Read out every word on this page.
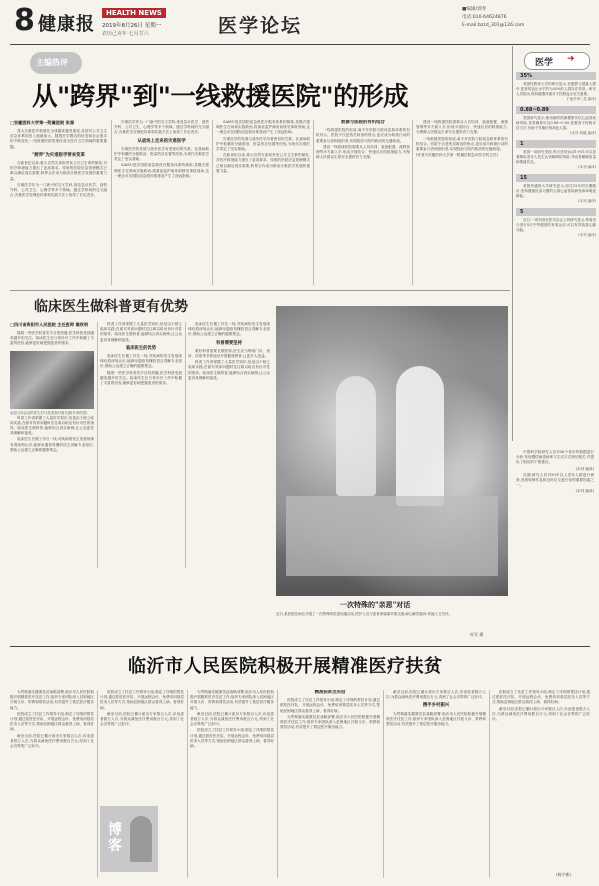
8 健康报
HEALTH NEWS
2019年8月26日 星期一
农历己亥年 七月廿六	医学论坛
■编辑/郭寿
电话:010-64624876
E-mail:bzzd_301@126.com
主编热评
从"跨界"到"一线救援医院"的形成
□安徽医科大学第一附属医院 张源

建大灾难医疗救援在全球越来越受重视,各国对公共卫生应急体系的投入逐渐加大。随着医学模式的转变和社会需求的不断变化,一线救援医院的建设成为医疗卫生领域的重要课题。

"跨界"为灾难医学带来变革

在新世纪以来,重大自然灾害和突发公共卫生事件频发,对医疗救援能力提出了更高要求。传统的医院应急管理模式已难以满足现实需要,跨界合作成为推动灾难医学发展的重要力量。

灾难医学作为一门新兴的交叉学科,涉及急诊医学、创伤外科、公共卫生、心理学等多个领域。通过学科间的交叉融合,灾难医学在理论体系和实践方法上取得了长足进步。

灾难医学作为一门新兴的交叉学科,涉及急诊医学、创伤外科、公共卫生、心理学等多个领域。通过学科间的交叉融合,灾难医学在理论体系和实践方法上取得了长足进步。

从战场上走来的灾难医学

灾难医学的发展与战争医学有着密切的关系。在战场救护中积累的分级救治、批量伤员处置等经验,为现代灾难医学奠定了坚实基础。

SAMU是法国院前急救医疗服务体系的简称,其模式强调医生在现场实施救治,将重症监护病房前移至事故现场,这一理念对各国院前急救体系建设产生了深远影响。

SAMU是法国院前急救医疗服务体系的简称,其模式强调医生在现场实施救治,将重症监护病房前移至事故现场,这一理念对各国院前急救体系建设产生了深远影响。

灾难医学的发展与战争医学有着密切的关系。在战场救护中积累的分级救治、批量伤员处置等经验,为现代灾难医学奠定了坚实基础。

在新世纪以来,重大自然灾害和突发公共卫生事件频发,对医疗救援能力提出了更高要求。传统的医院应急管理模式已难以满足现实需要,跨界合作成为推动灾难医学发展的重要力量。

救援与医院的有机结合

一线救援医院的形成,离不开医院与院前急救体系的有机结合。医院不仅是伤员救治的终点,更应成为救援行动的重要参与者和组织者,实现院前与院内救治的无缝衔接。

建设一线救援医院需要从人员培训、装备配置、流程管理等多方面入手,形成平战结合、快速反应的救援能力,为保障人民群众生命安全提供有力支撑。

建设一线救援医院需要从人员培训、装备配置、流程管理等多方面入手,形成平战结合、快速反应的救援能力,为保障人民群众生命安全提供有力支撑。

一线救援医院的形成,离不开医院与院前急救体系的有机结合。医院不仅是伤员救治的终点,更应成为救援行动的重要参与者和组织者,实现院前与院内救治的无缝衔接。

(作者为安徽医科大学第一附属医院急诊医学科主任)

医学 ➜
35%
美国性教育大学的研究显示,在肥胖与超重人群中,患者的血压水平约为35%的人群存在异常。研究人员指出,保持健康体重对于控制血压至关重要。
("他乡谈",龙 编译)
0.88~0.89
美国研究显示,使用新的预测模型评估心血管疾病风险,其准确度可达0.88~0.89,显著高于传统评估方法,有助于早期识别高危人群。
(本刊 刘健 编译)
1
美国一项研究发现,每天坚持运动1小时,可以显著降低老年人发生认知障碍的风险,并改善睡眠质量和情绪状态。
(本刊 编译)
15
美国华盛顿大学研究显示,经过15年的长期随访,坚持健康饮食习惯的人群心血管疾病发病率明显降低。
(本刊 编译)
5
近日,一项刊登在医学杂志上的研究显示,每周至少进行5次中等强度的有氧运动,可以有效改善心肺功能。
(本刊 编译)
临床医生做科普更有优势
□四川省资阳市人民医院 主任医师 谢欣明

随着一些医学科普类节目的热播,医学科普受到越来越多的关注。临床医生在日常诊疗工作中积累了丰富的经验,能够更好地把握患者的需求。

参加义诊活动的医生们与患者面对面交流(作者供图)

科普工作者掌握了大量医学知识,但是由于缺乏临床实践,在面对具体问题时往往难以给出有针对性的指导。临床医生做科普,能够结合真实病例,让公众更容易理解和接受。

临床医生长期工作在一线,对疾病的发生发展规律有着深刻认识,能够用通俗易懂的语言讲解专业知识,帮助公众建立正确的健康观念。

科普工作者掌握了大量医学知识,但是由于缺乏临床实践,在面对具体问题时往往难以给出有针对性的指导。临床医生做科普,能够结合真实病例,让公众更容易理解和接受。

临床医生的优势

临床医生长期工作在一线,对疾病的发生发展规律有着深刻认识,能够用通俗易懂的语言讲解专业知识,帮助公众建立正确的健康观念。

随着一些医学科普类节目的热播,医学科普受到越来越多的关注。临床医生在日常诊疗工作中积累了丰富的经验,能够更好地把握患者的需求。

临床医生长期工作在一线,对疾病的发生发展规律有着深刻认识,能够用通俗易懂的语言讲解专业知识,帮助公众建立正确的健康观念。

科普需要坚持

做好科普需要长期坚持,医生应当利用门诊、查房、讲座等多种途径开展健康教育,让更多人受益。

科普工作者掌握了大量医学知识,但是由于缺乏临床实践,在面对具体问题时往往难以给出有针对性的指导。临床医生做科普,能够结合真实病例,让公众更容易理解和接受。

一次特殊的"亲恩"对话
近日,某医院在病区开展了一次特殊的医患沟通活动,医护人员与患者家属面对面交流,耐心解答疑问,传递人文关怀。
杜军 摄
临沂市人民医院积极开展精准医疗扶贫
博客

为贯彻落实健康扶贫战略部署,临沂市人民医院积极开展精准医疗扶贫工作,组织专家团队深入贫困地区开展义诊、带教和帮扶活动,有效提升了基层医疗服务能力。

医院成立了扶贫工作领导小组,制定了详细的帮扶计划,通过派驻医疗队、开展远程会诊、免费培训基层医务人员等方式,帮助贫困地区群众看得上病、看得好病。

截至目前,医院已累计派出专家数百人次,诊治患者数万人次,为群众减免医疗费用数百万元,得到了社会各界的广泛好评。

医院成立了扶贫工作领导小组,制定了详细的帮扶计划,通过派驻医疗队、开展远程会诊、免费培训基层医务人员等方式,帮助贫困地区群众看得上病、看得好病。

截至目前,医院已累计派出专家数百人次,诊治患者数万人次,为群众减免医疗费用数百万元,得到了社会各界的广泛好评。

为贯彻落实健康扶贫战略部署,临沂市人民医院积极开展精准医疗扶贫工作,组织专家团队深入贫困地区开展义诊、带教和帮扶活动,有效提升了基层医疗服务能力。

截至目前,医院已累计派出专家数百人次,诊治患者数万人次,为群众减免医疗费用数百万元,得到了社会各界的广泛好评。

医院成立了扶贫工作领导小组,制定了详细的帮扶计划,通过派驻医疗队、开展远程会诊、免费培训基层医务人员等方式,帮助贫困地区群众看得上病、看得好病。

精准扶贫出实招

医院成立了扶贫工作领导小组,制定了详细的帮扶计划,通过派驻医疗队、开展远程会诊、免费培训基层医务人员等方式,帮助贫困地区群众看得上病、看得好病。

为贯彻落实健康扶贫战略部署,临沂市人民医院积极开展精准医疗扶贫工作,组织专家团队深入贫困地区开展义诊、带教和帮扶活动,有效提升了基层医疗服务能力。

截至目前,医院已累计派出专家数百人次,诊治患者数万人次,为群众减免医疗费用数百万元,得到了社会各界的广泛好评。

携手乡村振兴

为贯彻落实健康扶贫战略部署,临沂市人民医院积极开展精准医疗扶贫工作,组织专家团队深入贫困地区开展义诊、带教和帮扶活动,有效提升了基层医疗服务能力。

医院成立了扶贫工作领导小组,制定了详细的帮扶计划,通过派驻医疗队、开展远程会诊、免费培训基层医务人员等方式,帮助贫困地区群众看得上病、看得好病。

截至目前,医院已累计派出专家数百人次,诊治患者数万人次,为群众减免医疗费用数百万元,得到了社会各界的广泛好评。

(杨宇新)

中国科学院研究人员对36个省市的数据进行分析,发现慢性病患病率与生活方式密切相关,并提出了相应的干预建议。

(本刊 编译)

近期,研究人员对90岁以上老年人群进行调查,发现规律作息和良好社交是长寿的重要因素之一。

(本刊 编译)
